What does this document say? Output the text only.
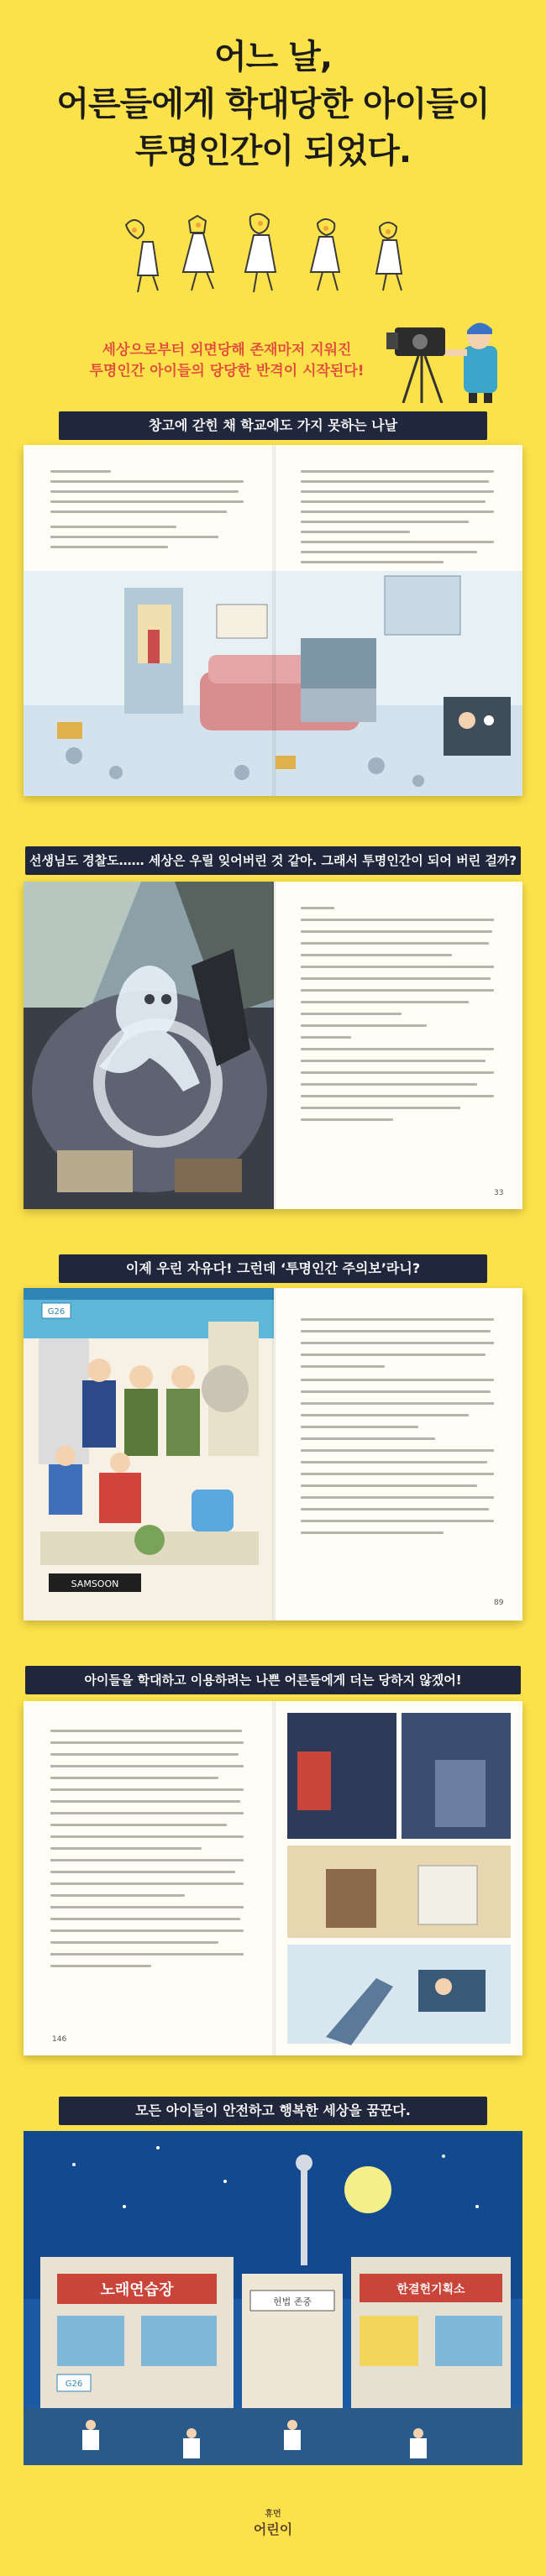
어느 날,
어른들에게 학대당한 아이들이
투명인간이 되었다.
세상으로부터 외면당해 존재마저 지워진
투명인간 아이들의 당당한 반격이 시작된다!
창고에 갇힌 채 학교에도 가지 못하는 나날
선생님도 경찰도…… 세상은 우릴 잊어버린 것 같아. 그래서 투명인간이 되어 버린 걸까?
33
이제 우린 자유다! 그런데 ‘투명인간 주의보’라니?
SAMSOON
G26
89
아이들을 학대하고 이용하려는 나쁜 어른들에게 더는 당하지 않겠어!
146
모든 아이들이 안전하고 행복한 세상을 꿈꾼다.
노래연습장
G26
헌법 존중
한결헌기획소
휴먼
어린이
